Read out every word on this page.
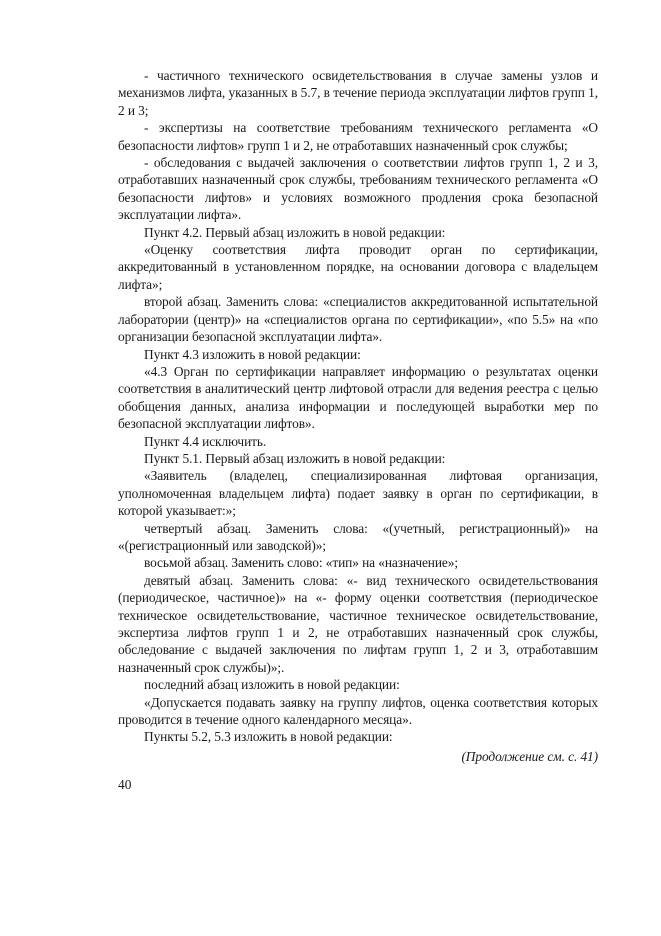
- частичного технического освидетельствования в случае замены узлов и механизмов лифта, указанных в 5.7, в течение периода эксплуатации лифтов групп 1, 2 и 3;

- экспертизы на соответствие требованиям технического регламента «О безопасности лифтов» групп 1 и 2, не отработавших назначенный срок службы;

- обследования с выдачей заключения о соответствии лифтов групп 1, 2 и 3, отработавших назначенный срок службы, требованиям технического регламента «О безопасности лифтов» и условиях возможного продления срока безопасной эксплуатации лифта».

Пункт 4.2. Первый абзац изложить в новой редакции:

«Оценку соответствия лифта проводит орган по сертификации, аккредитованный в установленном порядке, на основании договора с владельцем лифта»;

второй абзац. Заменить слова: «специалистов аккредитованной испытательной лаборатории (центр)» на «специалистов органа по сертификации», «по 5.5» на «по организации безопасной эксплуатации лифта».

Пункт 4.3 изложить в новой редакции:

«4.3 Орган по сертификации направляет информацию о результатах оценки соответствия в аналитический центр лифтовой отрасли для ведения реестра с целью обобщения данных, анализа информации и последующей выработки мер по безопасной эксплуатации лифтов».

Пункт 4.4 исключить.

Пункт 5.1. Первый абзац изложить в новой редакции:

«Заявитель (владелец, специализированная лифтовая организация, уполномоченная владельцем лифта) подает заявку в орган по сертификации, в которой указывает:»;

четвертый абзац. Заменить слова: «(учетный, регистрационный)» на «(регистрационный или заводской)»;

восьмой абзац. Заменить слово: «тип» на «назначение»;

девятый абзац. Заменить слова: «- вид технического освидетельствования (периодическое, частичное)» на «- форму оценки соответствия (периодическое техническое освидетельствование, частичное техническое освидетельствование, экспертиза лифтов групп 1 и 2, не отработавших назначенный срок службы, обследование с выдачей заключения по лифтам групп 1, 2 и 3, отработавшим назначенный срок службы)»;.

последний абзац изложить в новой редакции:

«Допускается подавать заявку на группу лифтов, оценка соответствия которых проводится в течение одного календарного месяца».

Пункты 5.2, 5.3 изложить в новой редакции:

(Продолжение см. с. 41)

40
